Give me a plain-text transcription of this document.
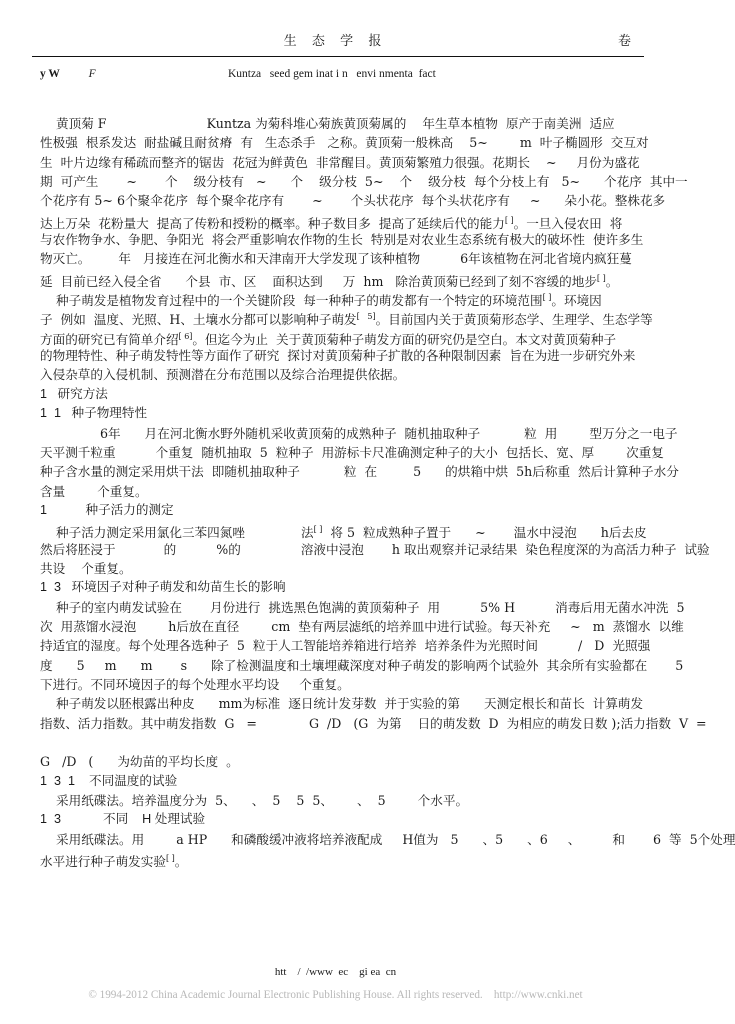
生 态 学 报	卷
y W	F	Kuntza   seed gem inat i n   envi nmenta  fact
黄顶菊 F                         Kuntza 为菊科堆心菊族黄顶菊属的    年生草本植物  原产于南美洲  适应
性极强  根系发达  耐盐碱且耐贫瘠  有   生态杀手   之称。黄顶菊一般株高    5~        m  叶子椭圆形  交互对
生  叶片边缘有稀疏而整齐的锯齿  花冠为鲜黄色  非常醒目。黄顶菊繁殖力很强。花期长    ~     月份为盛花
期  可产生       ~       个    级分枝有   ~      个    级分枝  5~    个    级分枝  每个分枝上有   5~      个花序  其中一
个花序有 5~ 6个聚伞花序  每个聚伞花序有       ~       个头状花序  每个头状花序有     ~      朵小花。整株花多
达上万朵  花粉量大  提高了传粉和授粉的概率。种子数目多  提高了延续后代的能力[ ]。一旦入侵农田  将
与农作物争水、争肥、争阳光  将会严重影响农作物的生长  特别是对农业生态系统有极大的破坏性  使许多生
物灭亡。       年   月接连在河北衡水和天津南开大学发现了该种植物          6年该植物在河北省境内疯狂蔓
延  目前已经入侵全省      个县  市、区    面积达到     万  hm   除治黄顶菊已经到了刻不容缓的地步[ ]。
种子萌发是植物发育过程中的一个关键阶段  每一种种子的萌发都有一个特定的环境范围[ ]。环境因
子  例如  温度、光照、H、土壤水分都可以影响种子萌发[   5]。目前国内关于黄顶菊形态学、生理学、生态学等
方面的研究已有简单介绍[ 6]。但迄今为止  关于黄顶菊种子萌发方面的研究仍是空白。本文对黄顶菊种子
的物理特性、种子萌发特性等方面作了研究  探讨对黄顶菊种子扩散的各种限制因素  旨在为进一步研究外来
入侵杂草的入侵机制、预测潜在分布范围以及综合治理提供依据。
1   研究方法
1  1   种子物理特性
6年      月在河北衡水野外随机采收黄顶菊的成熟种子  随机抽取种子           粒  用        型万分之一电子
天平测千粒重          个重复  随机抽取  5  粒种子  用游标卡尺准确测定种子的大小  包括长、宽、厚        次重复
种子含水量的测定采用烘干法  即随机抽取种子           粒  在         5      的烘箱中烘  5h后称重  然后计算种子水分
含量        个重复。
1           种子活力的测定
种子活力测定采用氯化三苯四氮唑              法[ ]  将 5  粒成熟种子置于      ~       温水中浸泡      h后去皮
然后将胚浸于            的          %的               溶液中浸泡       h 取出观察并记录结果  染色程度深的为高活力种子  试验
共设    个重复。
1  3   环境因子对种子萌发和幼苗生长的影响
种子的室内萌发试验在       月份进行  挑选黑色饱满的黄顶菊种子  用          5% H          消毒后用无菌水冲洗  5
次  用蒸馏水浸泡        h后放在直径        cm  垫有两层滤纸的培养皿中进行试验。每天补充     ~   m  蒸馏水  以维
持适宜的湿度。每个处理各选种子  5  粒于人工智能培养箱进行培养  培养条件为光照时间          /   D  光照强
度      5     m      m       s      除了检测温度和土壤埋藏深度对种子萌发的影响两个试验外  其余所有实验都在       5
下进行。不同环境因子的每个处理水平均设     个重复。
种子萌发以胚根露出种皮      mm为标准  逐日统计发芽数  并于实验的第      天测定根长和苗长  计算萌发
指数、活力指数。其中萌发指数  G   =             G  /D   (G  为第    日的萌发数  D  为相应的萌发日数 );活力指数  V  =
G   /D   (      为幼苗的平均长度  。
1  3  1    不同温度的试验
采用纸碟法。培养温度分为  5、    、  5    5  5、      、  5        个水平。
1  3            不同    H 处理试验
采用纸碟法。用        a HP      和磷酸缓冲液将培养液配成     H值为   5      、5      、6     、        和       6  等  5个处理
水平进行种子萌发实验[ ]。
htt    /  /www  ec    gi ea  cn
© 1994-2012 China Academic Journal Electronic Publishing House. All rights reserved.    http://www.cnki.net
